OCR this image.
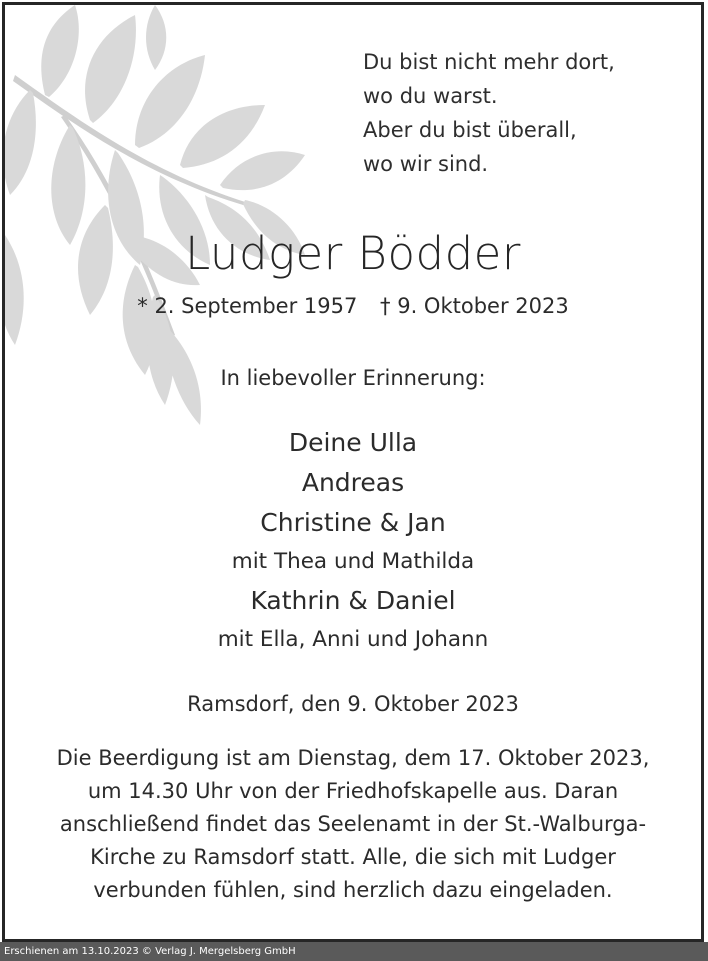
Du bist nicht mehr dort,
wo du warst.
Aber du bist überall,
wo wir sind.
Ludger Bödder
* 2. September 1957 † 9. Oktober 2023
In liebevoller Erinnerung:
Deine Ulla
Andreas
Christine & Jan
mit Thea und Mathilda
Kathrin & Daniel
mit Ella, Anni und Johann
Ramsdorf, den 9. Oktober 2023
Die Beerdigung ist am Dienstag, dem 17. Oktober 2023,
um 14.30 Uhr von der Friedhofskapelle aus. Daran
anschließend findet das Seelenamt in der St.-Walburga-
Kirche zu Ramsdorf statt. Alle, die sich mit Ludger
verbunden fühlen, sind herzlich dazu eingeladen.
Erschienen am 13.10.2023 © Verlag J. Mergelsberg GmbH
